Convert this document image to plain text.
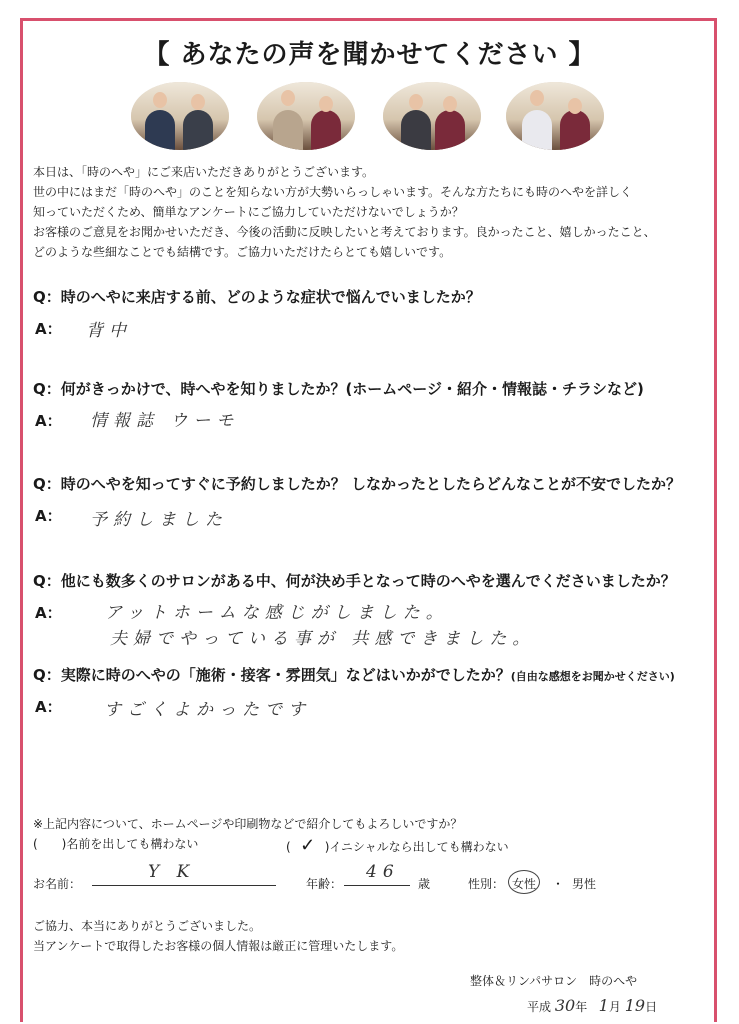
【 あなたの声を聞かせてください 】
本日は、「時のへや」にご来店いただきありがとうございます。
世の中にはまだ「時のへや」のことを知らない方が大勢いらっしゃいます。そんな方たちにも時のへやを詳しく
知っていただくため、簡単なアンケートにご協力していただけないでしょうか？
お客様のご意見をお聞かせいただき、今後の活動に反映したいと考えております。良かったこと、嬉しかったこと、
どのような些細なことでも結構です。ご協力いただけたらとても嬉しいです。
Q：時のへやに来店する前、どのような症状で悩んでいましたか？
A： 背中
Q：何がきっかけで、時へやを知りましたか？(ホームページ・紹介・情報誌・チラシなど)
A： 情報誌 ウーモ
Q：時のへやを知ってすぐに予約しましたか？ しなかったとしたらどんなことが不安でしたか？
A： 予約しました
Q：他にも数多くのサロンがある中、何が決め手となって時のへやを選んでくださいましたか？
A：	アットホームな感じがしました。
夫婦でやっている事が 共感できました。
Q：実際に時のへやの「施術・接客・雰囲気」などはいかがでしたか？(自由な感想をお聞かせください)
A： すごくよかったです
※上記内容について、ホームページや印刷物などで紹介してもよろしいですか？
(　　)名前を出しても構わない	( ✓ )イニシャルなら出しても構わない
お名前：
Y K
年齢：
46
歳	性別： 女性 ・ 男性
ご協力、本当にありがとうございました。
当アンケートで取得したお客様の個人情報は厳正に管理いたします。
整体＆リンパサロン　時のへや
平成 30年 1月 19日
